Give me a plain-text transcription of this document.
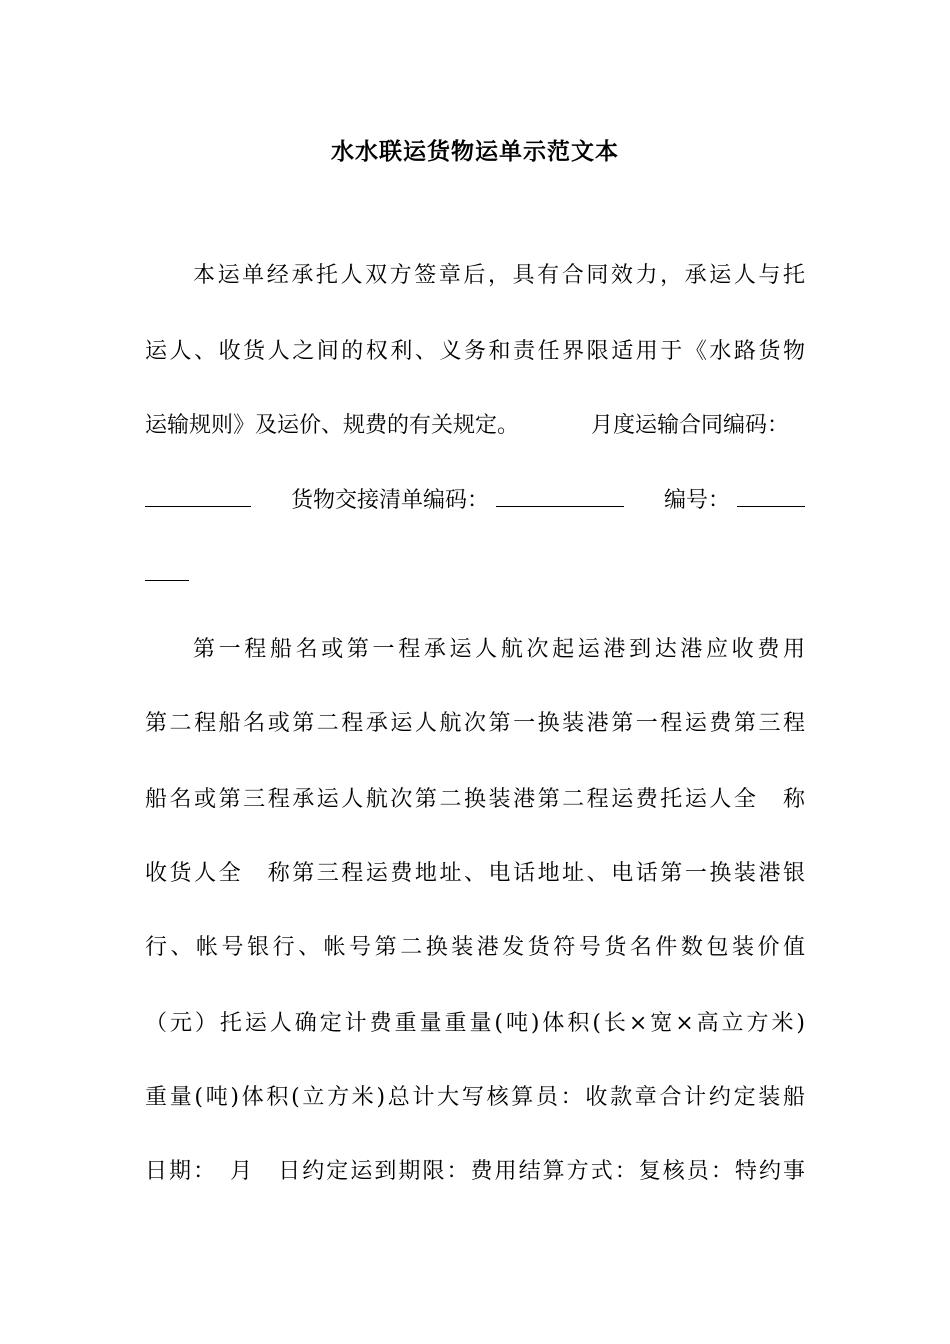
水水联运货物运单示范文本
本运单经承托人双方签章后，具有合同效力，承运人与托
运人、收货人之间的权利、义务和责任界限适用于《水路货物
运输规则》及运价、规费的有关规定。	月度运输合同编码：
货物交接清单编码：	编号：
第一程船名或第一程承运人航次起运港到达港应收费用
第二程船名或第二程承运人航次第一换装港第一程运费第三程
船名或第三程承运人航次第二换装港第二程运费托运人全　称
收货人全　称第三程运费地址、电话地址、电话第一换装港银
行、帐号银行、帐号第二换装港发货符号货名件数包装价值
（元）托运人确定计费重量重量(吨)体积(长×宽×高立方米)
重量(吨)体积(立方米)总计大写核算员：收款章合计约定装船
日期：　月　日约定运到期限：费用结算方式：复核员：特约事
